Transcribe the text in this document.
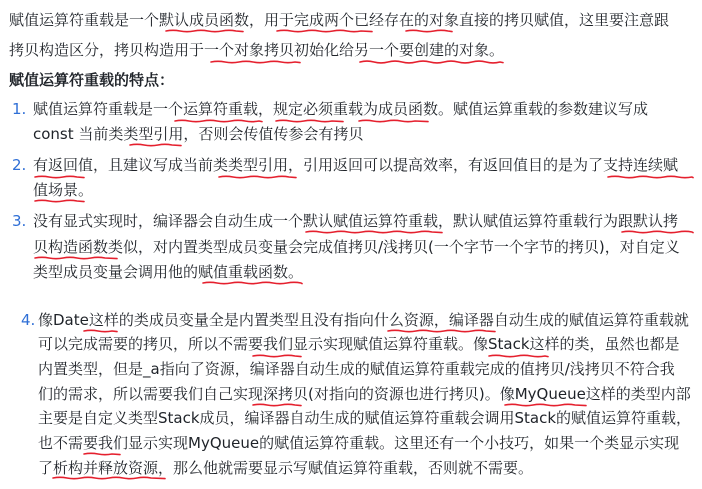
赋值运算符重载是一个默认成员函数，用于完成两个已经存在的对象直接的拷贝赋值，这里要注意跟
拷贝构造区分，拷贝构造用于一个对象拷贝初始化给另一个要创建的对象。
赋值运算符重载的特点：
1. 赋值运算符重载是一个运算符重载，规定必须重载为成员函数。赋值运算重载的参数建议写成
const 当前类类型引用，否则会传值传参会有拷贝
2. 有返回值，且建议写成当前类类型引用，引用返回可以提高效率，有返回值目的是为了支持连续赋
值场景。
3. 没有显式实现时，编译器会自动生成一个默认赋值运算符重载，默认赋值运算符重载行为跟默认拷
贝构造函数类似，对内置类型成员变量会完成值拷贝/浅拷贝(一个字节一个字节的拷贝)，对自定义
类型成员变量会调用他的赋值重载函数。
4. 像Date这样的类成员变量全是内置类型且没有指向什么资源，编译器自动生成的赋值运算符重载就
可以完成需要的拷贝，所以不需要我们显示实现赋值运算符重载。像Stack这样的类，虽然也都是
内置类型，但是_a指向了资源，编译器自动生成的赋值运算符重载完成的值拷贝/浅拷贝不符合我
们的需求，所以需要我们自己实现深拷贝(对指向的资源也进行拷贝)。像MyQueue这样的类型内部
主要是自定义类型Stack成员，编译器自动生成的赋值运算符重载会调用Stack的赋值运算符重载，
也不需要我们显示实现MyQueue的赋值运算符重载。这里还有一个小技巧，如果一个类显示实现
了析构并释放资源，那么他就需要显示写赋值运算符重载，否则就不需要。
